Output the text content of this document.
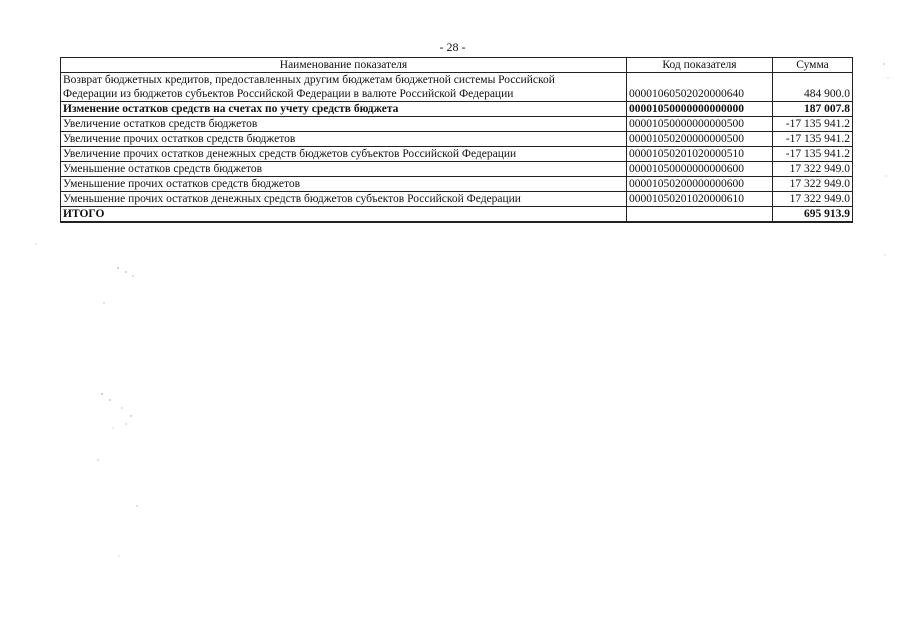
- 28 -
Наименование показателя	Код показателя	Сумма
Возврат бюджетных кредитов, предоставленных другим бюджетам бюджетной системы Российской
Федерации из бюджетов субъектов Российской Федерации в валюте Российской Федерации	00001060502020000640	484 900.0
Изменение остатков средств на счетах по учету средств бюджета	00001050000000000000	187 007.8
Увеличение остатков средств бюджетов	00001050000000000500	-17 135 941.2
Увеличение прочих остатков средств бюджетов	00001050200000000500	-17 135 941.2
Увеличение прочих остатков денежных средств бюджетов субъектов Российской Федерации	00001050201020000510	-17 135 941.2
Уменьшение остатков средств бюджетов	00001050000000000600	17 322 949.0
Уменьшение прочих остатков средств бюджетов	00001050200000000600	17 322 949.0
Уменьшение прочих остатков денежных средств бюджетов субъектов Российской Федерации	00001050201020000610	17 322 949.0
ИТОГО		695 913.9
